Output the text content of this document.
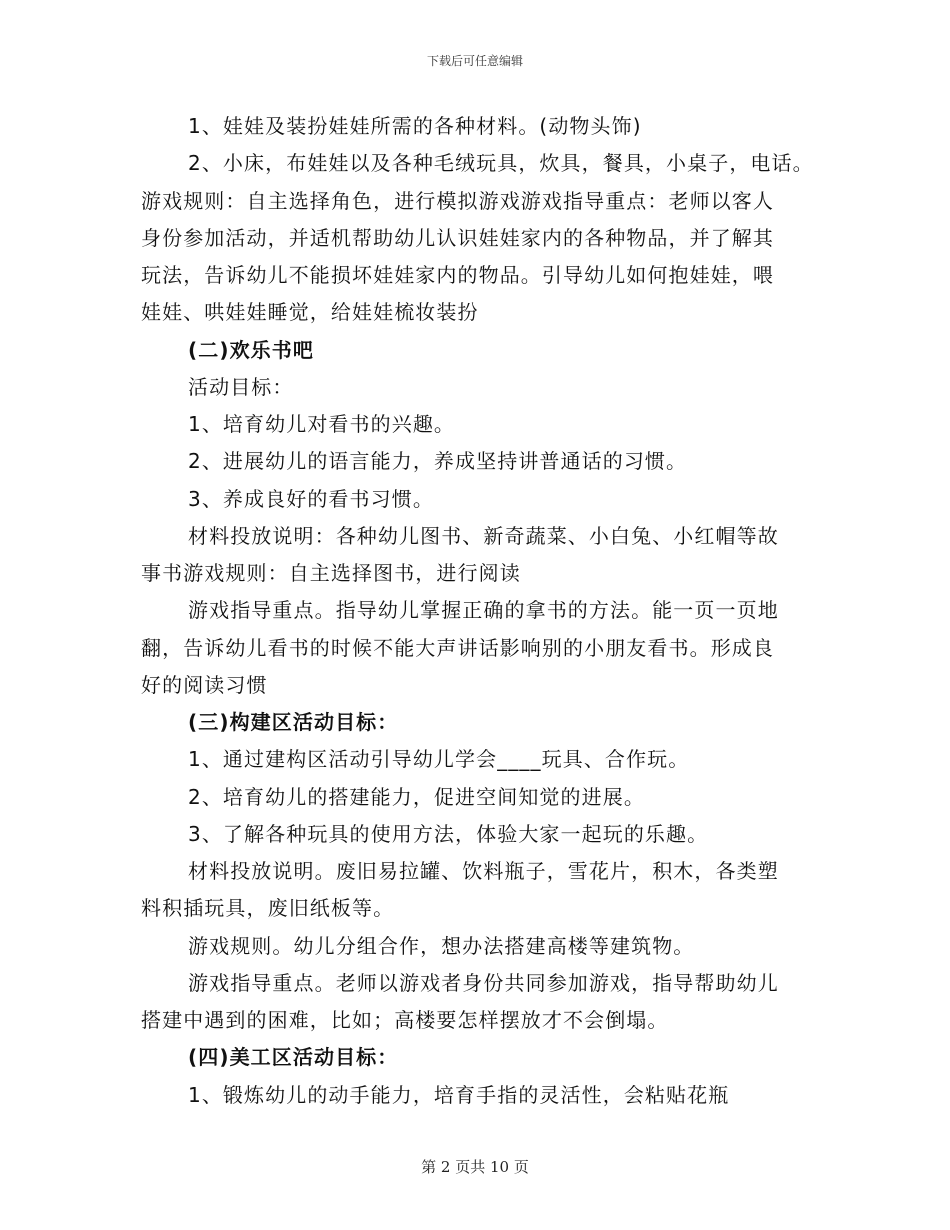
下载后可任意编辑
1、娃娃及装扮娃娃所需的各种材料。(动物头饰)
2、小床，布娃娃以及各种毛绒玩具，炊具，餐具，小桌子，电话。
游戏规则：自主选择角色，进行模拟游戏游戏指导重点：老师以客人
身份参加活动，并适机帮助幼儿认识娃娃家内的各种物品，并了解其
玩法，告诉幼儿不能损坏娃娃家内的物品。引导幼儿如何抱娃娃，喂
娃娃、哄娃娃睡觉，给娃娃梳妆装扮
(二)欢乐书吧
活动目标：
1、培育幼儿对看书的兴趣。
2、进展幼儿的语言能力，养成坚持讲普通话的习惯。
3、养成良好的看书习惯。
材料投放说明：各种幼儿图书、新奇蔬菜、小白兔、小红帽等故
事书游戏规则：自主选择图书，进行阅读
游戏指导重点。指导幼儿掌握正确的拿书的方法。能一页一页地
翻，告诉幼儿看书的时候不能大声讲话影响别的小朋友看书。形成良
好的阅读习惯
(三)构建区活动目标：
1、通过建构区活动引导幼儿学会____玩具、合作玩。
2、培育幼儿的搭建能力，促进空间知觉的进展。
3、了解各种玩具的使用方法，体验大家一起玩的乐趣。
材料投放说明。废旧易拉罐、饮料瓶子，雪花片，积木，各类塑
料积插玩具，废旧纸板等。
游戏规则。幼儿分组合作，想办法搭建高楼等建筑物。
游戏指导重点。老师以游戏者身份共同参加游戏，指导帮助幼儿
搭建中遇到的困难，比如；高楼要怎样摆放才不会倒塌。
(四)美工区活动目标：
1、锻炼幼儿的动手能力，培育手指的灵活性，会粘贴花瓶
第 2 页共 10 页
